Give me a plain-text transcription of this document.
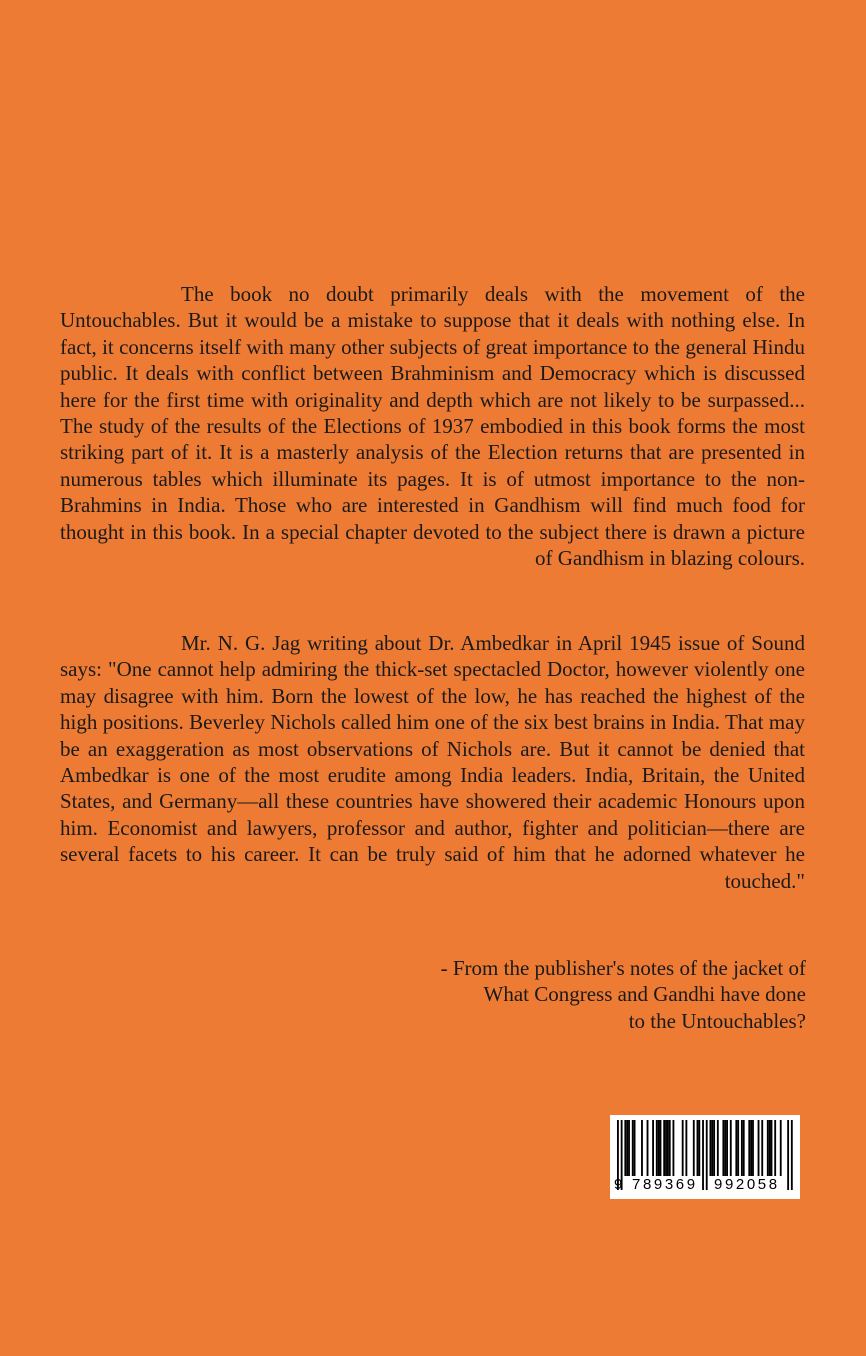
The book no doubt primarily deals with the movement of the Untouchables. But it would be a mistake to suppose that it deals with nothing else. In fact, it concerns itself with many other subjects of great importance to the general Hindu public. It deals with conflict between Brahminism and Democracy which is discussed here for the first time with originality and depth which are not likely to be surpassed... The study of the results of the Elections of 1937 embodied in this book forms the most striking part of it. It is a masterly analysis of the Election returns that are presented in numerous tables which illuminate its pages. It is of utmost importance to the non-Brahmins in India. Those who are interested in Gandhism will find much food for thought in this book. In a special chapter devoted to the subject there is drawn a picture of Gandhism in blazing colours.

Mr. N. G. Jag writing about Dr. Ambedkar in April 1945 issue of Sound says: "One cannot help admiring the thick-set spectacled Doctor, however violently one may disagree with him. Born the lowest of the low, he has reached the highest of the high positions. Beverley Nichols called him one of the six best brains in India. That may be an exaggeration as most observations of Nichols are. But it cannot be denied that Ambedkar is one of the most erudite among India leaders. India, Britain, the United States, and Germany—all these countries have showered their academic Honours upon him. Economist and lawyers, professor and author, fighter and politician—there are several facets to his career. It can be truly said of him that he adorned whatever he touched."

- From the publisher's notes of the jacket of
What Congress and Gandhi have done
to the Untouchables?
9 789369 992058
